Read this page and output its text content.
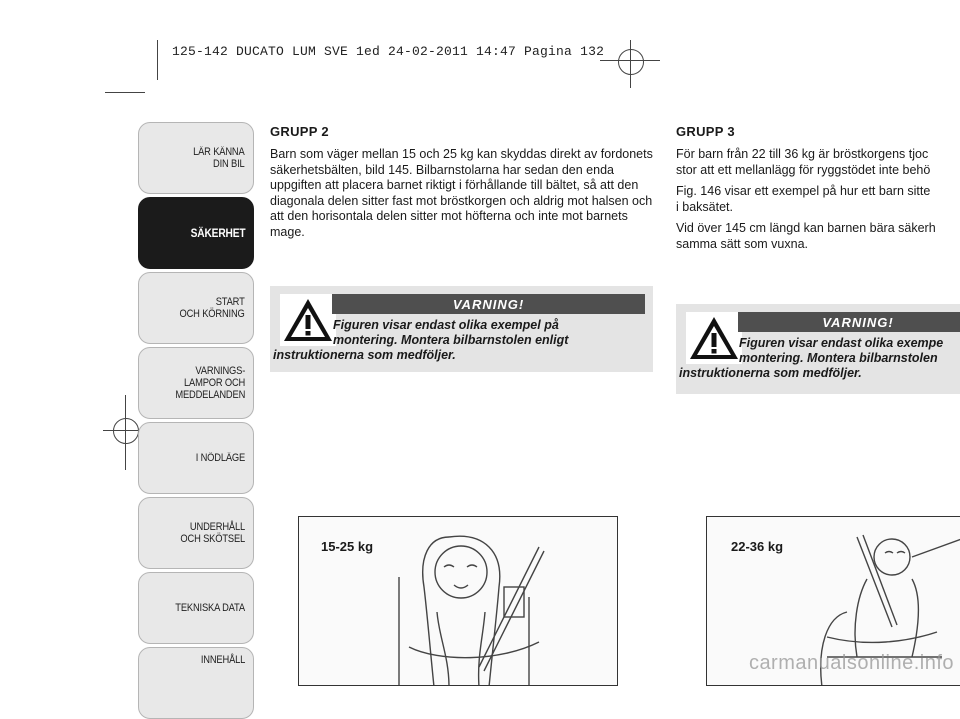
125-142 DUCATO LUM SVE 1ed 24-02-2011 14:47 Pagina 132
LÄR KÄNNA
DIN BIL
SÄKERHET
START
OCH KÖRNING
VARNINGS-
LAMPOR OCH
MEDDELANDEN
I NÖDLÄGE
UNDERHÅLL
OCH SKÖTSEL
TEKNISKA DATA
INNEHÅLL

GRUPP 2

Barn som väger mellan 15 och 25 kg kan skyddas direkt av fordonets säkerhetsbälten, bild 145. Bilbarnstolarna har sedan den enda uppgiften att placera barnet riktigt i förhållande till bältet, så att den diagonala delen sitter fast mot bröstkorgen och aldrig mot halsen och att den horisontala delen sitter mot höfterna och inte mot barnets mage.

VARNING!
Figuren visar endast olika exempel på
montering. Montera bilbarnstolen enligt
instruktionerna som medföljer.
15-25 kg

GRUPP 3

För barn från 22 till 36 kg är bröstkorgens tjoc
stor att ett mellanlägg för ryggstödet inte behö
Fig. 146 visar ett exempel på hur ett barn sitte
i baksätet.
Vid över 145 cm längd kan barnen bära säkerh
samma sätt som vuxna.
VARNING!
Figuren visar endast olika exempe
montering. Montera bilbarnstolen
instruktionerna som medföljer.
22-36 kg
carmanualsonline.info
